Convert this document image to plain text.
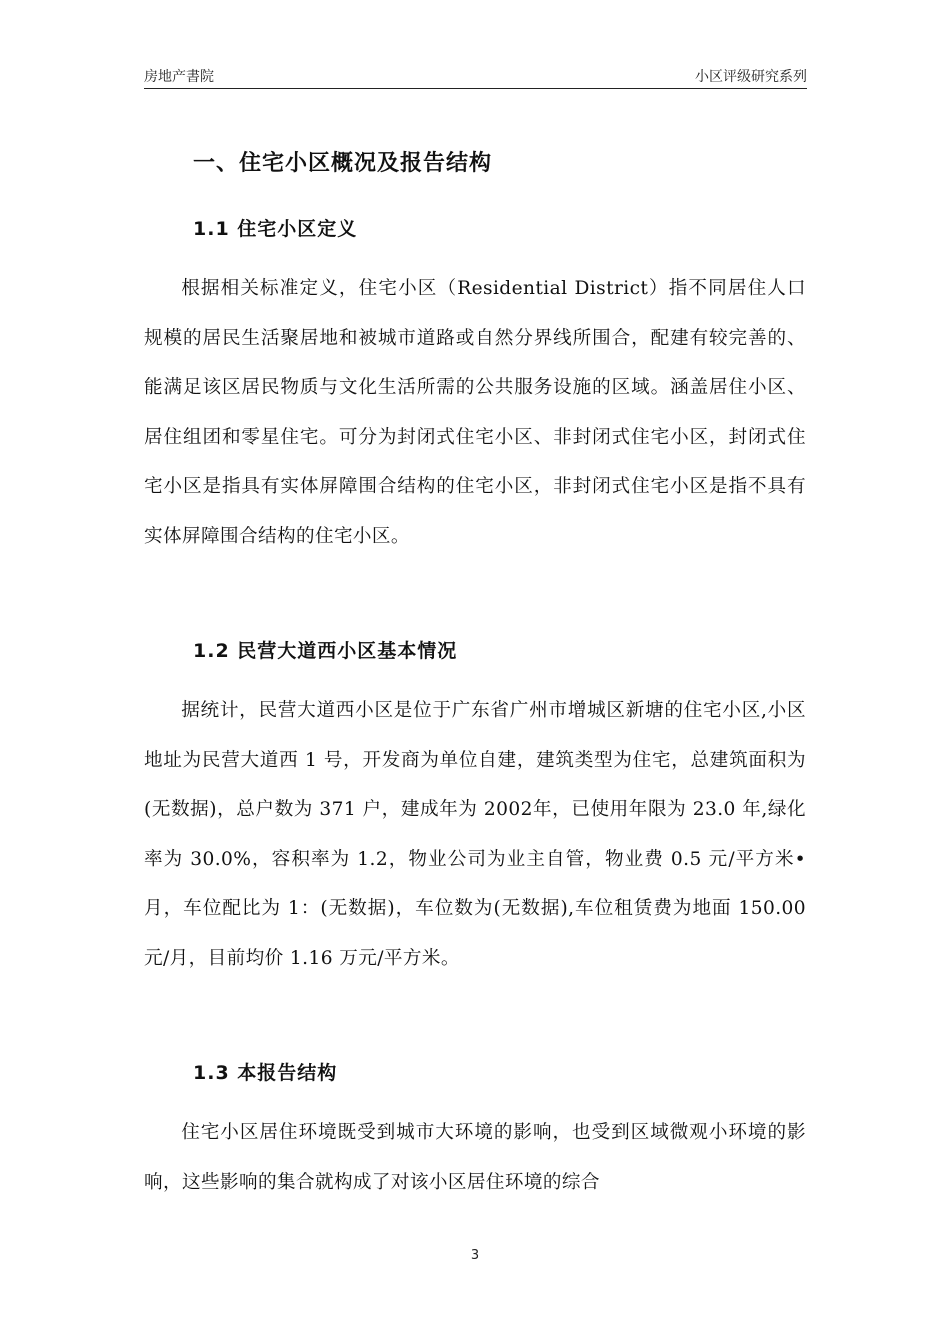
房地产書院	小区评级研究系列
一、住宅小区概况及报告结构
1.1 住宅小区定义

根据相关标准定义，住宅小区（Residential District）指不同居住人口规模的居民生活聚居地和被城市道路或自然分界线所围合，配建有较完善的、能满足该区居民物质与文化生活所需的公共服务设施的区域。涵盖居住小区、居住组团和零星住宅。可分为封闭式住宅小区、非封闭式住宅小区，封闭式住宅小区是指具有实体屏障围合结构的住宅小区，非封闭式住宅小区是指不具有实体屏障围合结构的住宅小区。

1.2 民营大道西小区基本情况

据统计，民营大道西小区是位于广东省广州市增城区新塘的住宅小区,小区地址为民营大道西 1 号，开发商为单位自建，建筑类型为住宅，总建筑面积为(无数据)，总户数为 371 户，建成年为 2002年，已使用年限为 23.0 年,绿化率为 30.0%，容积率为 1.2，物业公司为业主自管，物业费 0.5 元/平方米•月，车位配比为 1：(无数据)，车位数为(无数据),车位租赁费为地面 150.00 元/月，目前均价 1.16 万元/平方米。

1.3 本报告结构

住宅小区居住环境既受到城市大环境的影响，也受到区域微观小环境的影响，这些影响的集合就构成了对该小区居住环境的综合

3
